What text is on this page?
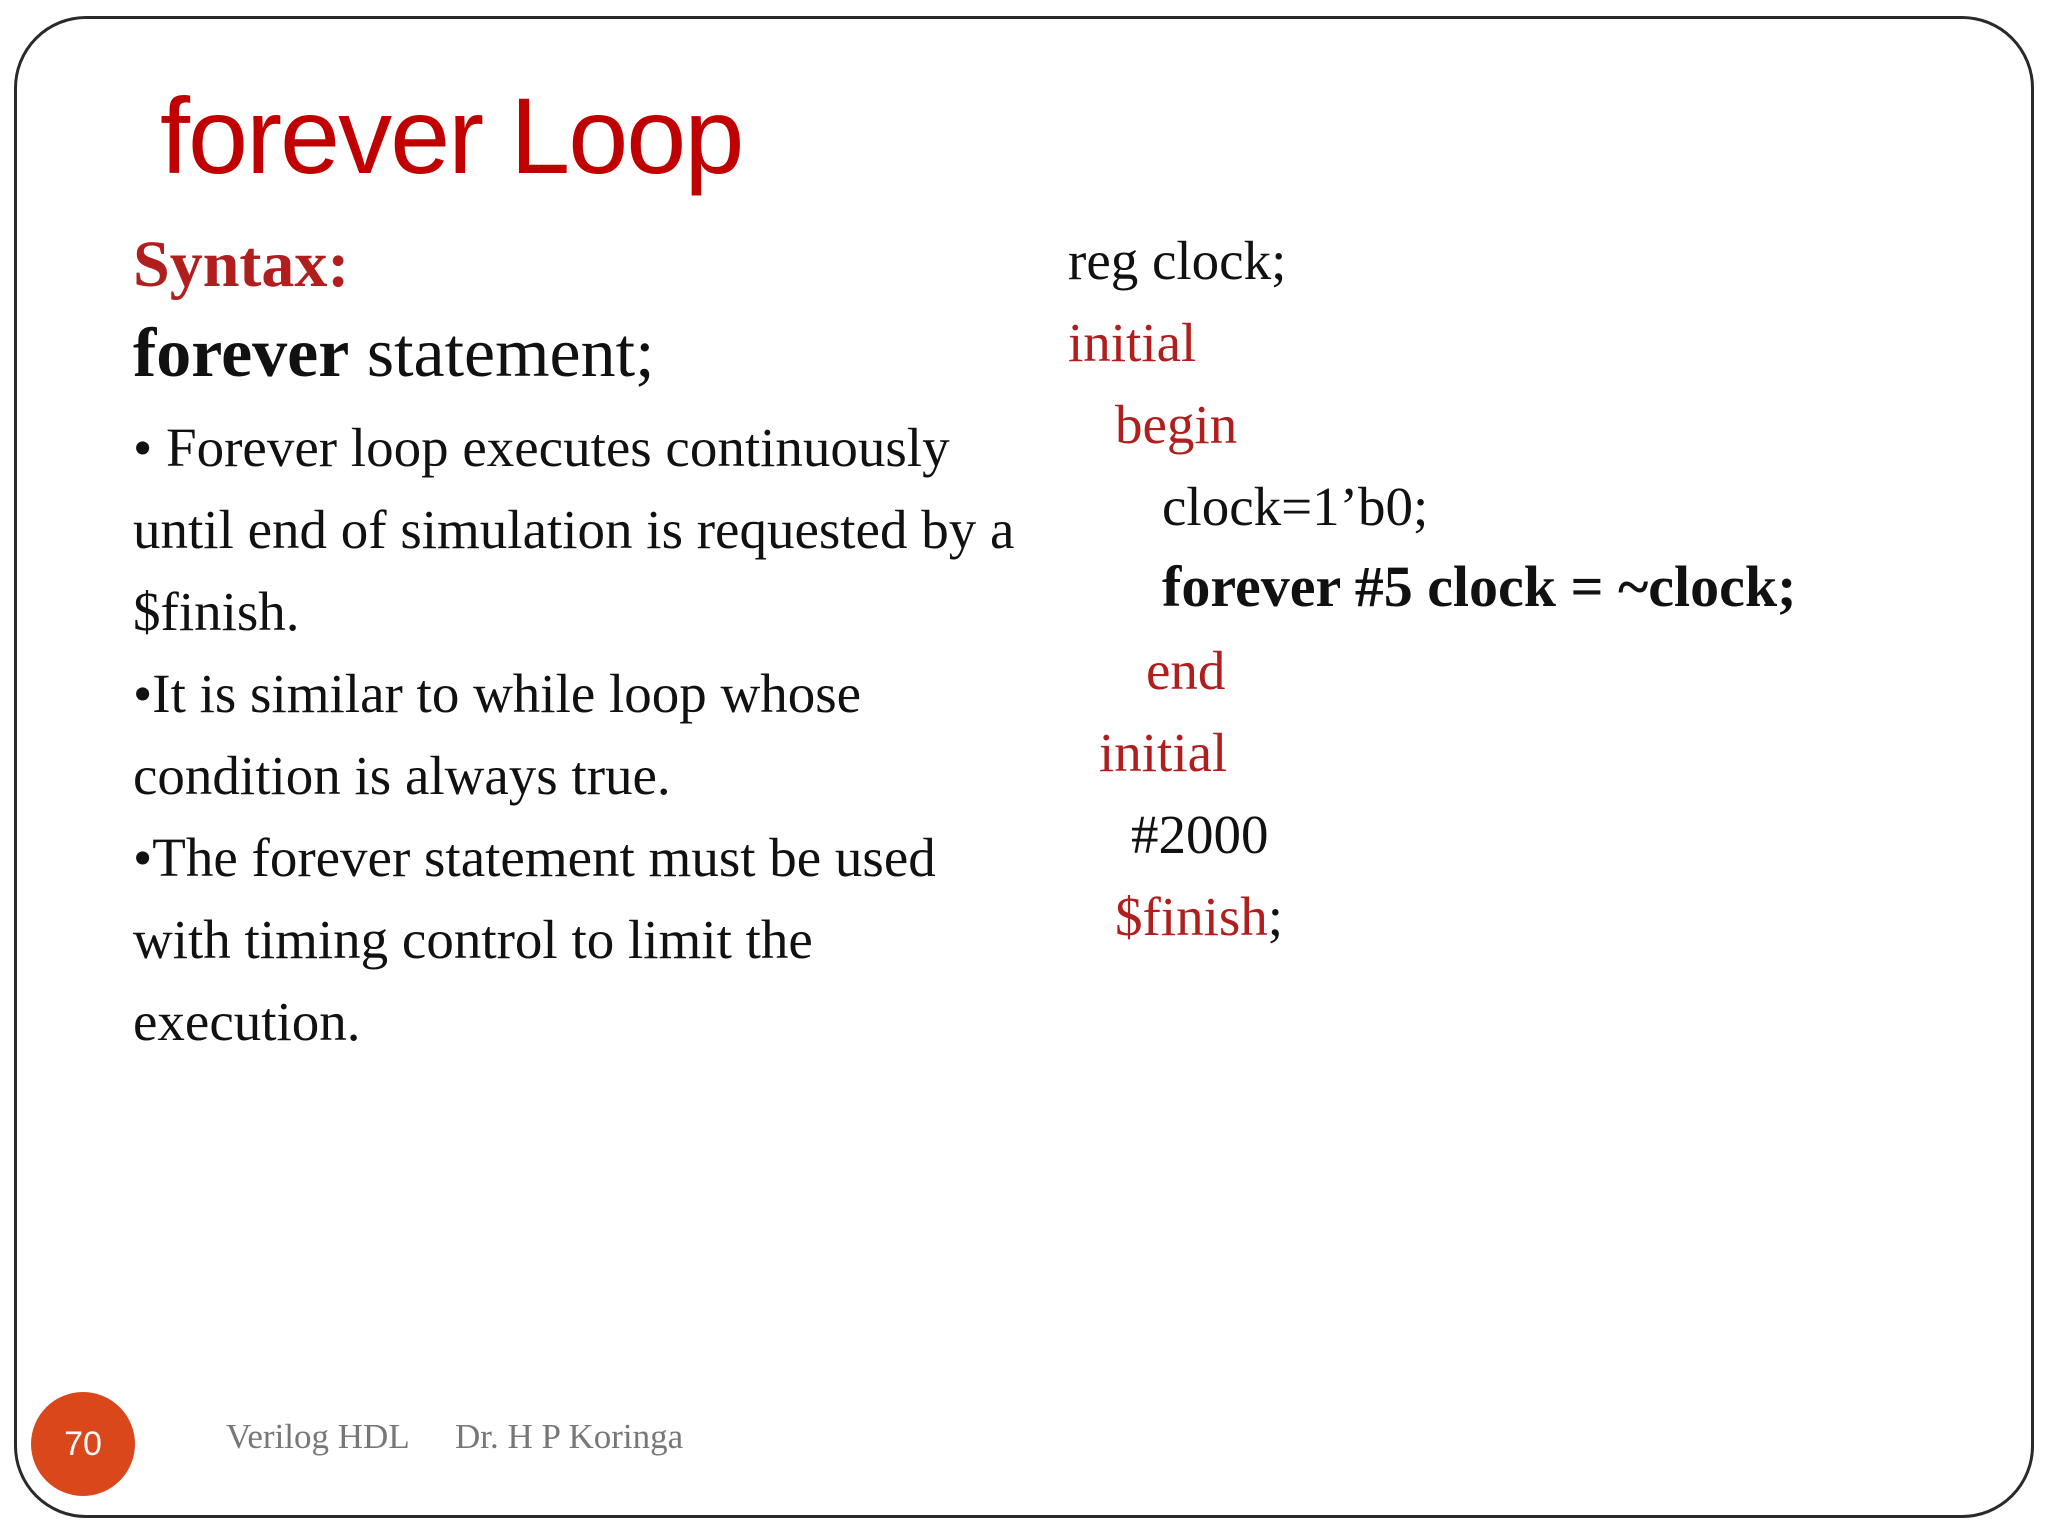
forever Loop
Syntax:
forever statement;
• Forever loop executes continuously until end of simulation is requested by a $finish.
•It is similar to while loop whose condition is always true.
•The forever statement must be used with timing control to limit the execution.
reg clock;
initial
begin
clock=1’b0;
forever #5 clock = ~clock;
end
initial
#2000
$finish;
70	Verilog HDL Dr. H P Koringa
